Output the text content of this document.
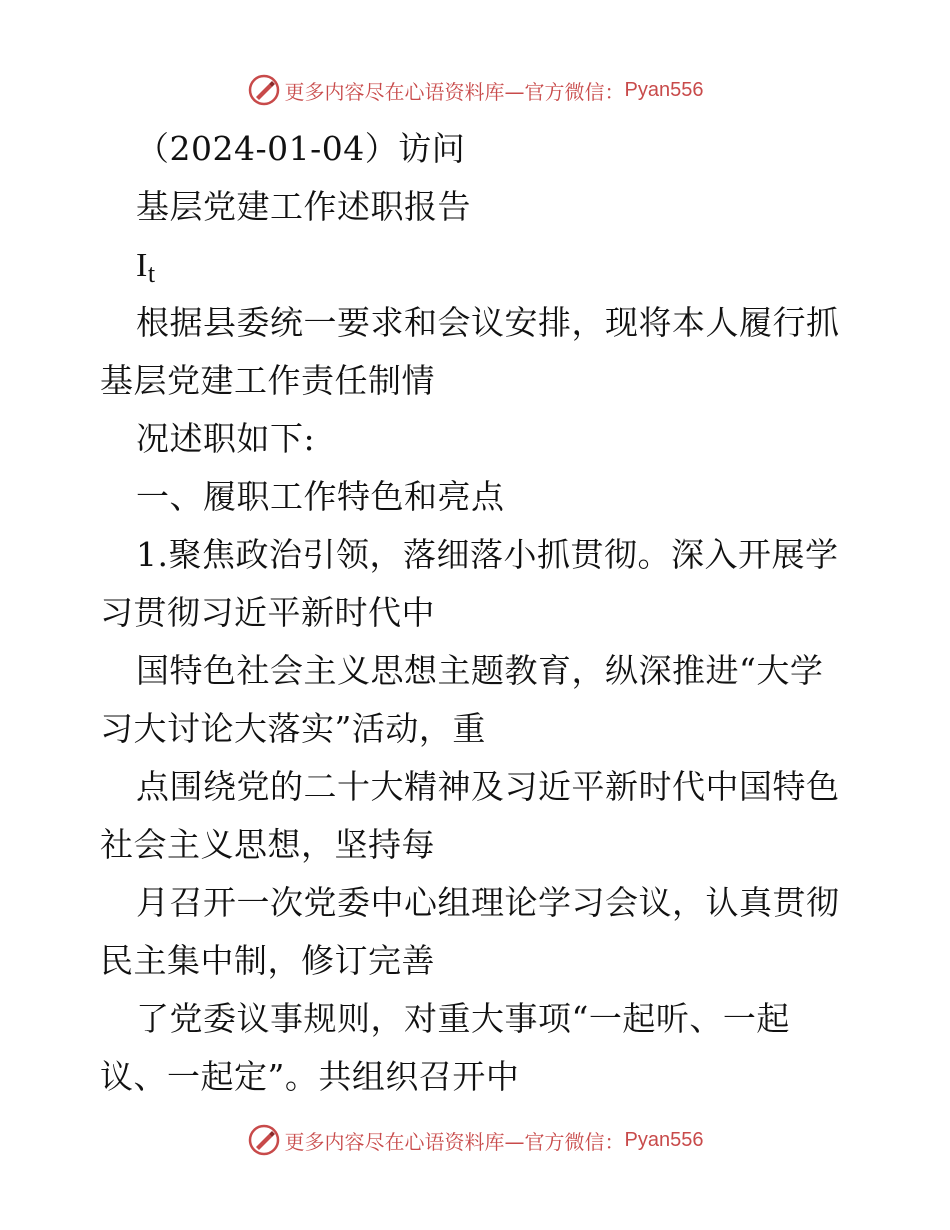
更多内容尽在心语资料库—官方微信： Pyan556
（2024-01-04）访问
基层党建工作述职报告
$I_t$
根据县委统一要求和会议安排，现将本人履行抓
基层党建工作责任制情
况述职如下:
一、履职工作特色和亮点
1.聚焦政治引领，落细落小抓贯彻。深入开展学
习贯彻习近平新时代中
国特色社会主义思想主题教育，纵深推进“大学
习大讨论大落实”活动，重
点围绕党的二十大精神及习近平新时代中国特色
社会主义思想，坚持每
月召开一次党委中心组理论学习会议，认真贯彻
民主集中制，修订完善
了党委议事规则，对重大事项“一起听、一起
议、一起定”。共组织召开中
更多内容尽在心语资料库—官方微信： Pyan556
